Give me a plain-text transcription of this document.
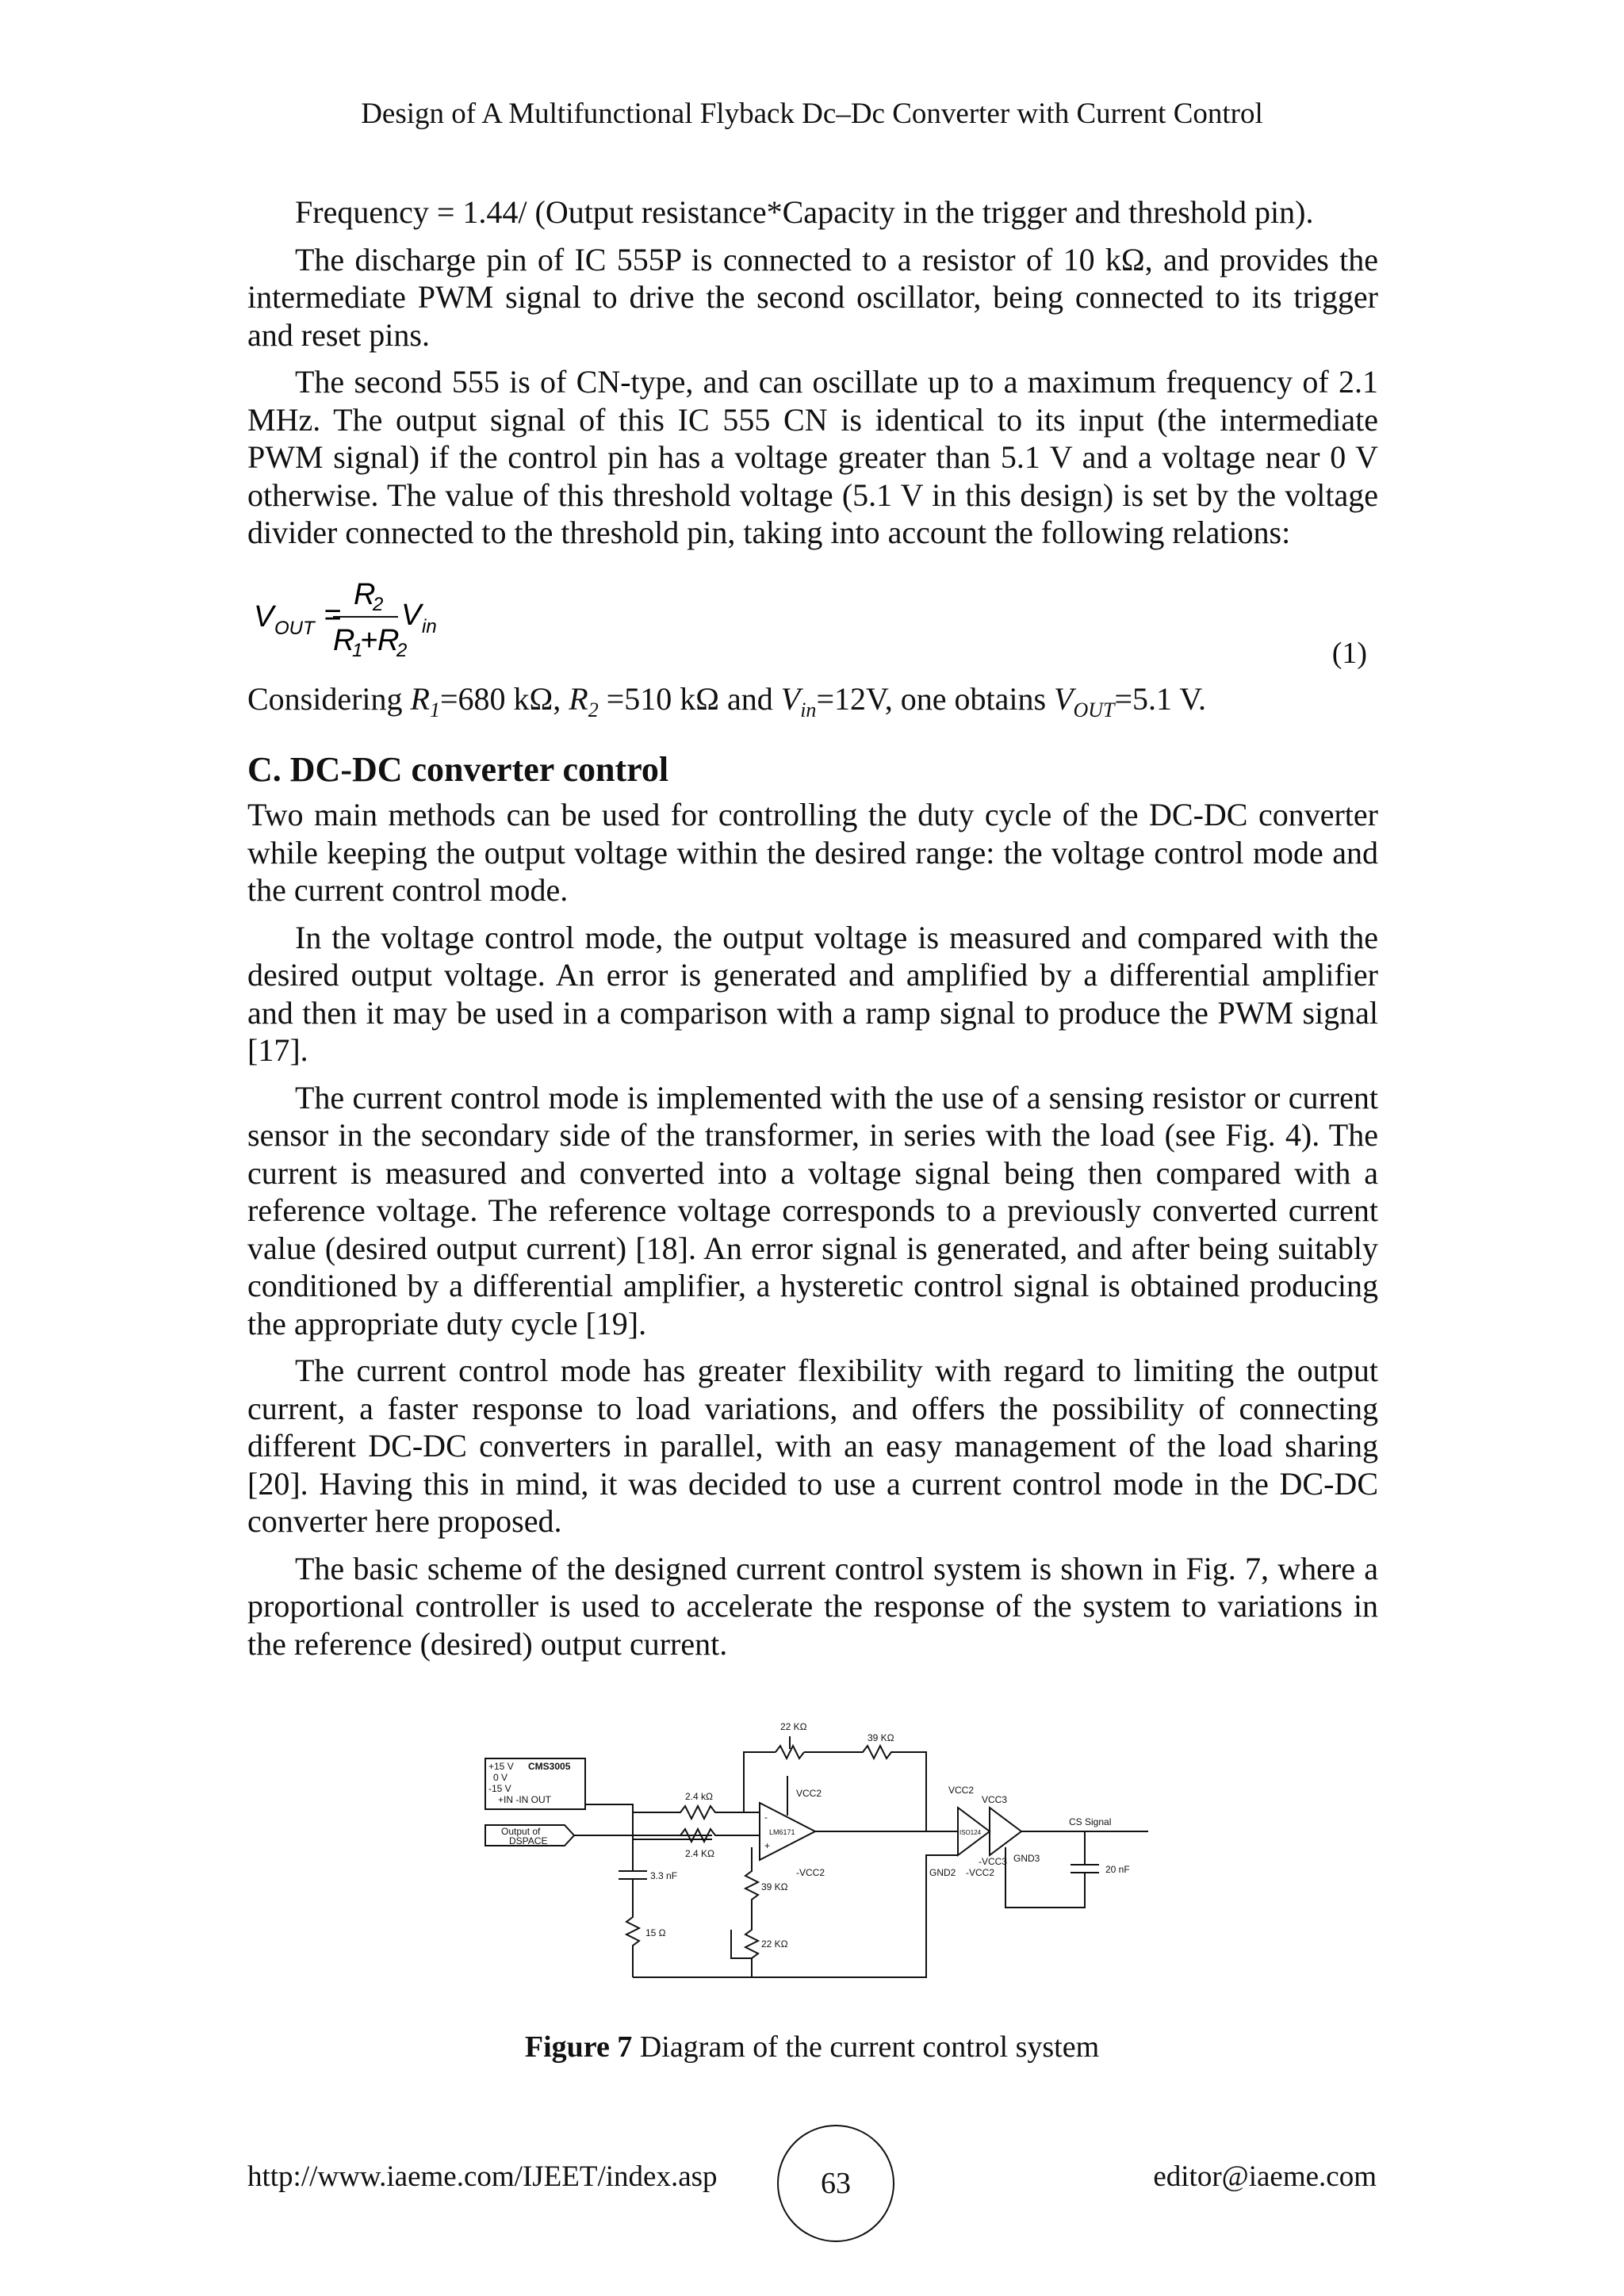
Design of A Multifunctional Flyback Dc–Dc Converter with Current Control

Frequency = 1.44/ (Output resistance*Capacity in the trigger and threshold pin).

The discharge pin of IC 555P is connected to a resistor of 10 kΩ, and provides the intermediate PWM signal to drive the second oscillator, being connected to its trigger and reset pins.

The second 555 is of CN-type, and can oscillate up to a maximum frequency of 2.1 MHz. The output signal of this IC 555 CN is identical to its input (the intermediate PWM signal) if the control pin has a voltage greater than 5.1 V and a voltage near 0 V otherwise. The value of this threshold voltage (5.1 V in this design) is set by the voltage divider connected to the threshold pin, taking into account the following relations:

V OUT =
R
2
R
1
+ R
2
V in
(1)

Considering $R_1=680$ kΩ, $R_2 =510$ kΩ and $V_{in}=12V$, one obtains $V_{OUT}=5.1$ V.

C. DC-DC converter control

Two main methods can be used for controlling the duty cycle of the DC-DC converter while keeping the output voltage within the desired range: the voltage control mode and the current control mode.

In the voltage control mode, the output voltage is measured and compared with the desired output voltage. An error is generated and amplified by a differential amplifier and then it may be used in a comparison with a ramp signal to produce the PWM signal [17].

The current control mode is implemented with the use of a sensing resistor or current sensor in the secondary side of the transformer, in series with the load (see Fig. 4). The current is measured and converted into a voltage signal being then compared with a reference voltage. The reference voltage corresponds to a previously converted current value (desired output current) [18]. An error signal is generated, and after being suitably conditioned by a differential amplifier, a hysteretic control signal is obtained producing the appropriate duty cycle [19].

The current control mode has greater flexibility with regard to limiting the output current, a faster response to load variations, and offers the possibility of connecting different DC-DC converters in parallel, with an easy management of the load sharing [20]. Having this in mind, it was decided to use a current control mode in the DC-DC converter here proposed.

The basic scheme of the designed current control system is shown in Fig. 7, where a proportional controller is used to accelerate the response of the system to variations in the reference (desired) output current.

+15 V CMS3005
0 V
-15 V
+IN -IN OUT
Output of
DSPACE
22 KΩ
39 KΩ
2.4 kΩ
2.4 KΩ
VCC2
LM6171
-
+
-VCC2
VCC2
VCC3
ISO124
-VCC3
GND2 -VCC2
GND3
CS Signal
20 nF
3.3 nF
39 KΩ
15 Ω
22 KΩ
Figure 7 Diagram of the current control system
http://www.iaeme.com/IJEET/index.asp	63	editor@iaeme.com
